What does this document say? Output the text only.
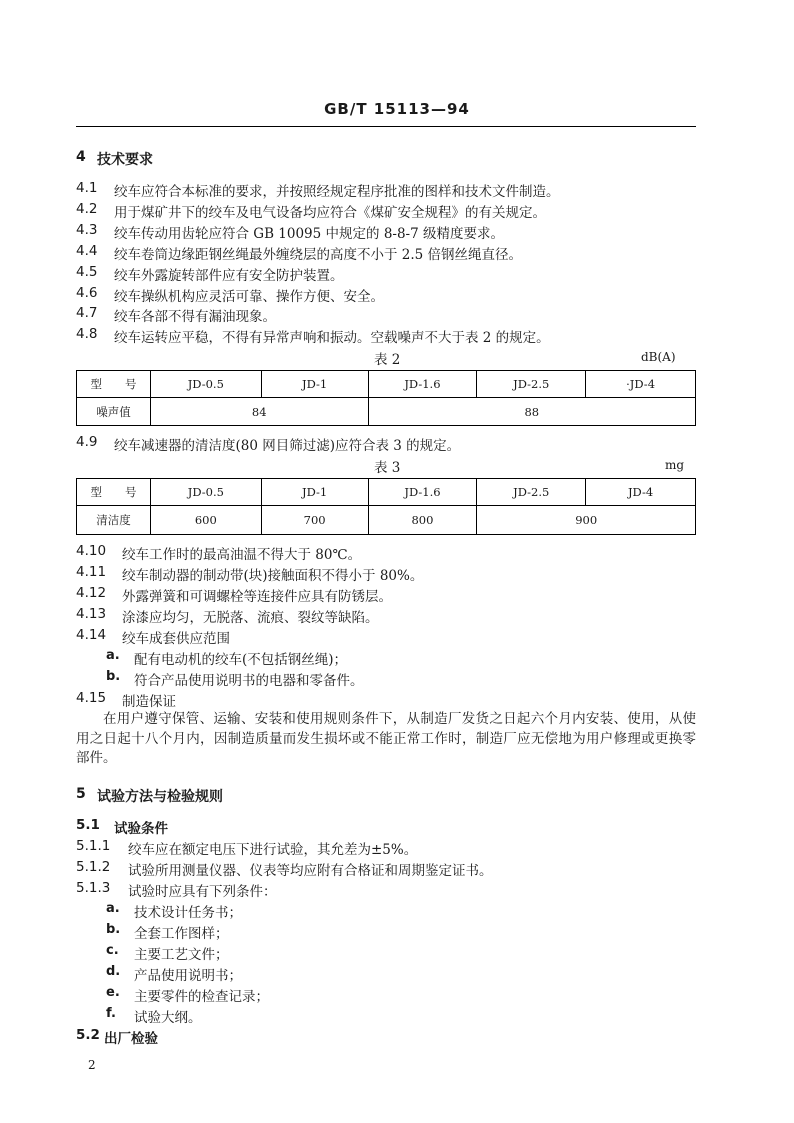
GB/T 15113—94
4 技术要求
4.1 绞车应符合本标准的要求，并按照经规定程序批准的图样和技术文件制造。
4.2 用于煤矿井下的绞车及电气设备均应符合《煤矿安全规程》的有关规定。
4.3 绞车传动用齿轮应符合 GB 10095 中规定的 8-8-7 级精度要求。
4.4 绞车卷筒边缘距钢丝绳最外缠绕层的高度不小于 2.5 倍钢丝绳直径。
4.5 绞车外露旋转部件应有安全防护装置。
4.6 绞车操纵机构应灵活可靠、操作方便、安全。
4.7 绞车各部不得有漏油现象。
4.8 绞车运转应平稳，不得有异常声响和振动。空载噪声不大于表 2 的规定。
表 2	dB(A)
型　　号	JD-0.5	JD-1	JD-1.6	JD-2.5	·JD-4
噪声值	84		88		
4.9 绞车减速器的清洁度(80 网目筛过滤)应符合表 3 的规定。
表 3	mg
型　　号	JD-0.5	JD-1	JD-1.6	JD-2.5	JD-4
清洁度	600	700	800	900	
4.10 绞车工作时的最高油温不得大于 80℃。
4.11 绞车制动器的制动带(块)接触面积不得小于 80%。
4.12 外露弹簧和可调螺栓等连接件应具有防锈层。
4.13 涂漆应均匀，无脱落、流痕、裂纹等缺陷。
4.14 绞车成套供应范围
a. 配有电动机的绞车(不包括钢丝绳)；
b. 符合产品使用说明书的电器和零备件。
4.15 制造保证
在用户遵守保管、运输、安装和使用规则条件下，从制造厂发货之日起六个月内安装、使用，从使用之日起十八个月内，因制造质量而发生损坏或不能正常工作时，制造厂应无偿地为用户修理或更换零部件。
5 试验方法与检验规则
5.1 试验条件
5.1.1 绞车应在额定电压下进行试验，其允差为±5%。
5.1.2 试验所用测量仪器、仪表等均应附有合格证和周期鉴定证书。
5.1.3 试验时应具有下列条件：
a. 技术设计任务书；
b. 全套工作图样；
c. 主要工艺文件；
d. 产品使用说明书；
e. 主要零件的检查记录；
f. 试验大纲。
5.2 出厂检验
2
